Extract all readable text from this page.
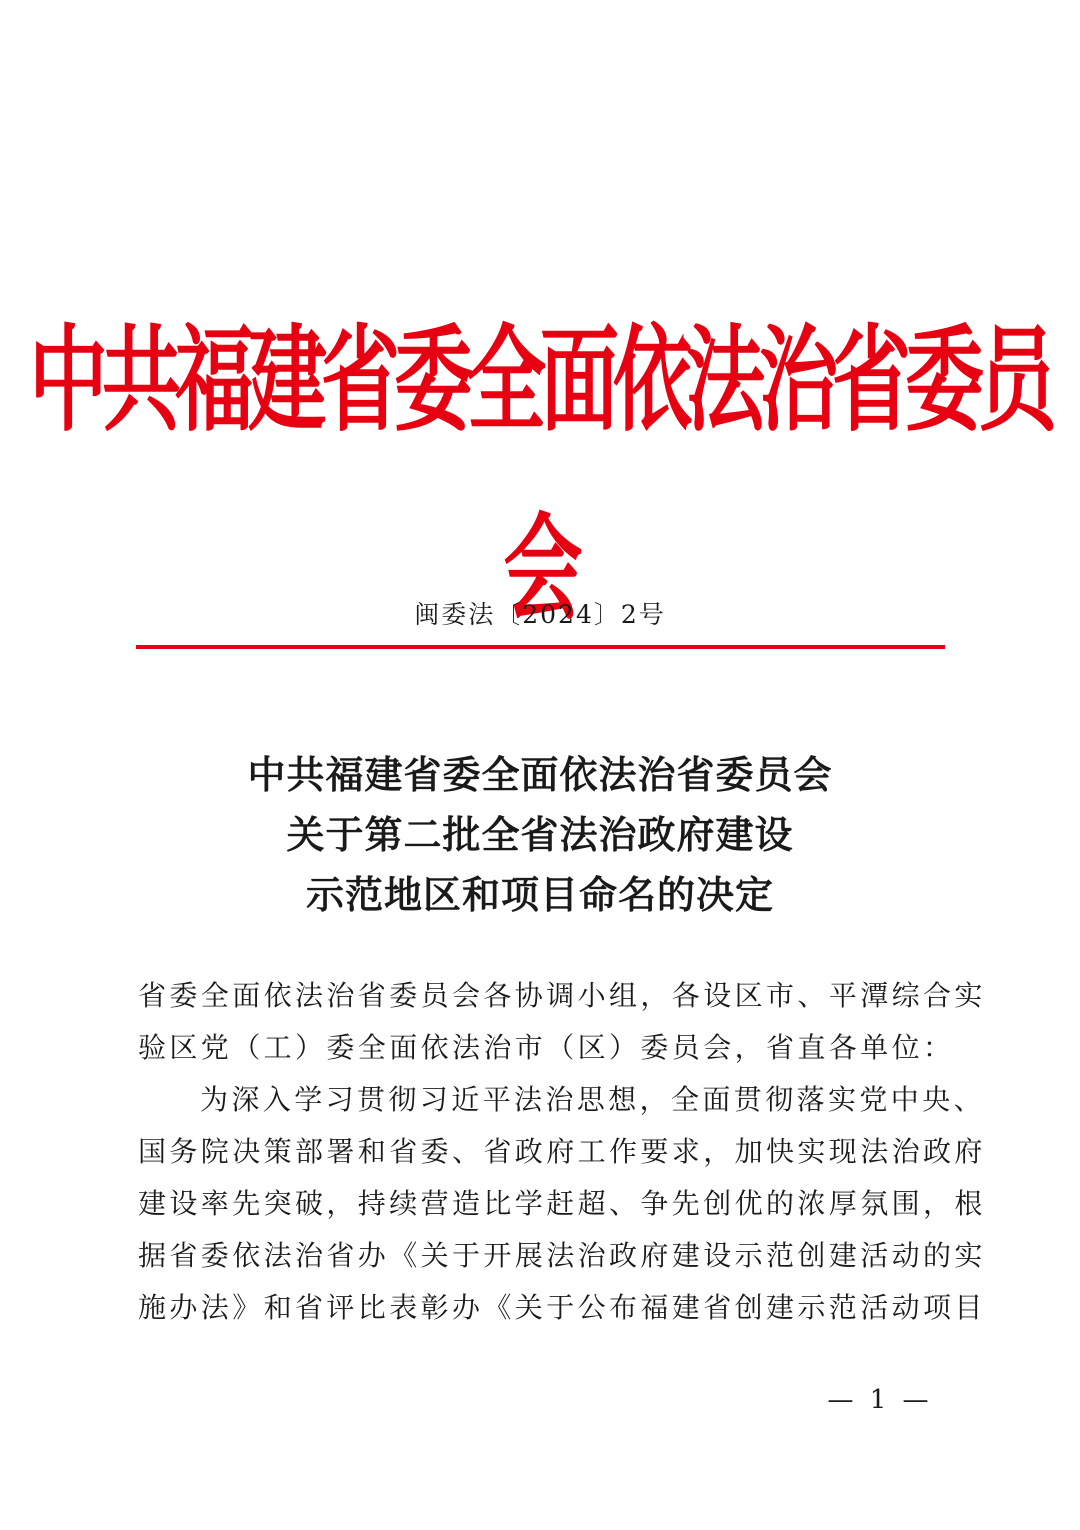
中共福建省委全面依法治省委员会
闽委法〔2024〕2号
中共福建省委全面依法治省委员会
关于第二批全省法治政府建设
示范地区和项目命名的决定
省委全面依法治省委员会各协调小组，各设区市、平潭综合实
验区党（工）委全面依法治市（区）委员会，省直各单位：
为深入学习贯彻习近平法治思想，全面贯彻落实党中央、
国务院决策部署和省委、省政府工作要求，加快实现法治政府
建设率先突破，持续营造比学赶超、争先创优的浓厚氛围，根
据省委依法治省办《关于开展法治政府建设示范创建活动的实
施办法》和省评比表彰办《关于公布福建省创建示范活动项目
— 1 —
